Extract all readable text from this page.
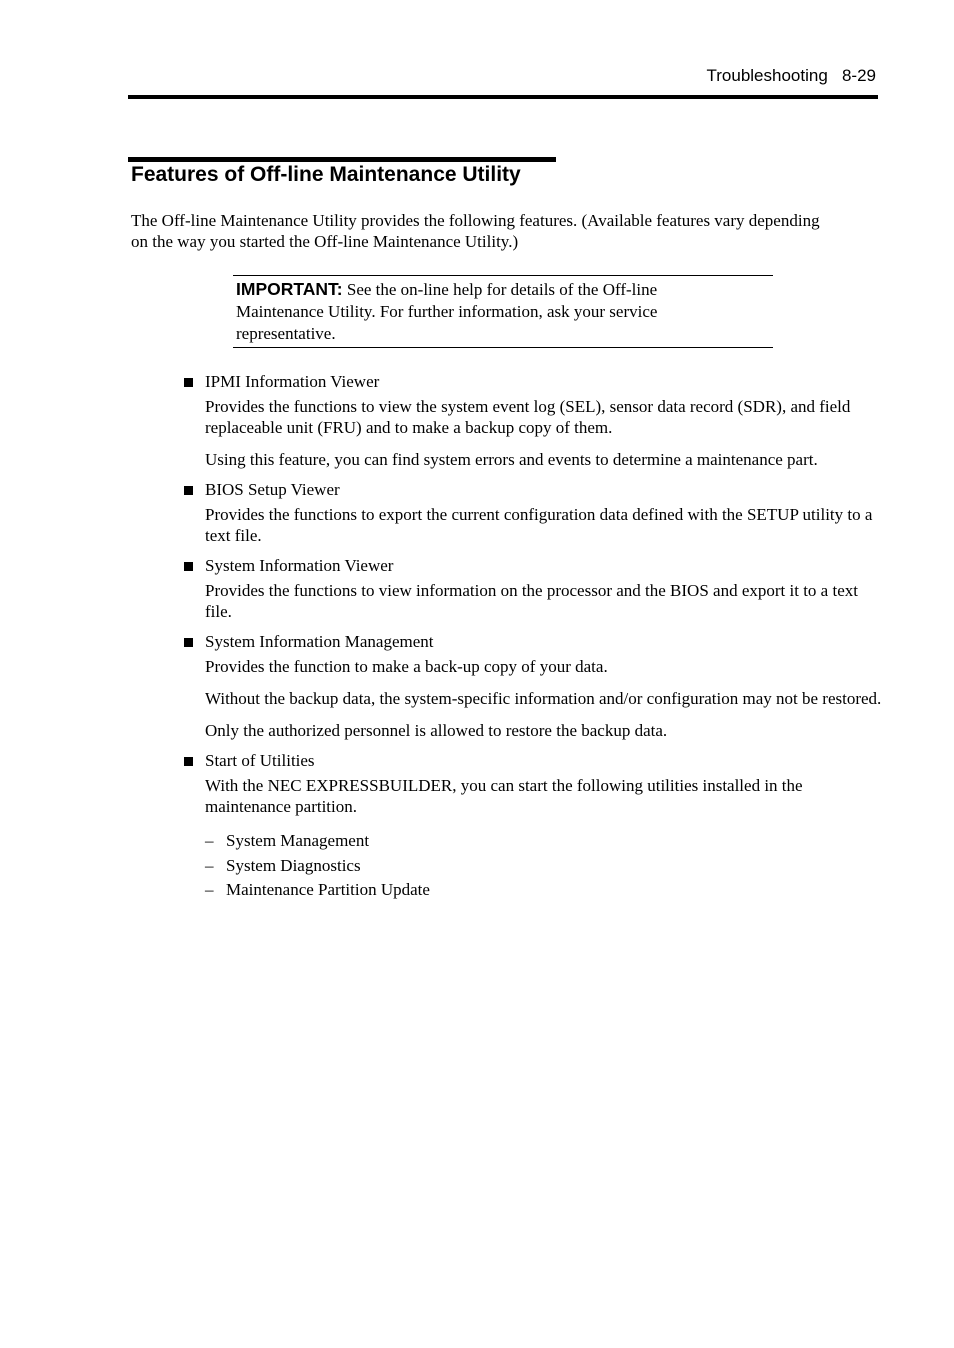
Troubleshooting 8-29
Features of Off-line Maintenance Utility
The Off-line Maintenance Utility provides the following features. (Available features vary depending on the way you started the Off-line Maintenance Utility.)

IMPORTANT: See the on-line help for details of the Off-line Maintenance Utility. For further information, ask your service representative.

IPMI Information Viewer

Provides the functions to view the system event log (SEL), sensor data record (SDR), and field replaceable unit (FRU) and to make a backup copy of them.

Using this feature, you can find system errors and events to determine a maintenance part.

BIOS Setup Viewer

Provides the functions to export the current configuration data defined with the SETUP utility to a text file.

System Information Viewer

Provides the functions to view information on the processor and the BIOS and export it to a text file.

System Information Management

Provides the function to make a back-up copy of your data.

Without the backup data, the system-specific information and/or configuration may not be restored.

Only the authorized personnel is allowed to restore the backup data.

Start of Utilities

With the NEC EXPRESSBUILDER, you can start the following utilities installed in the maintenance partition.

– System Management
– System Diagnostics
– Maintenance Partition Update
